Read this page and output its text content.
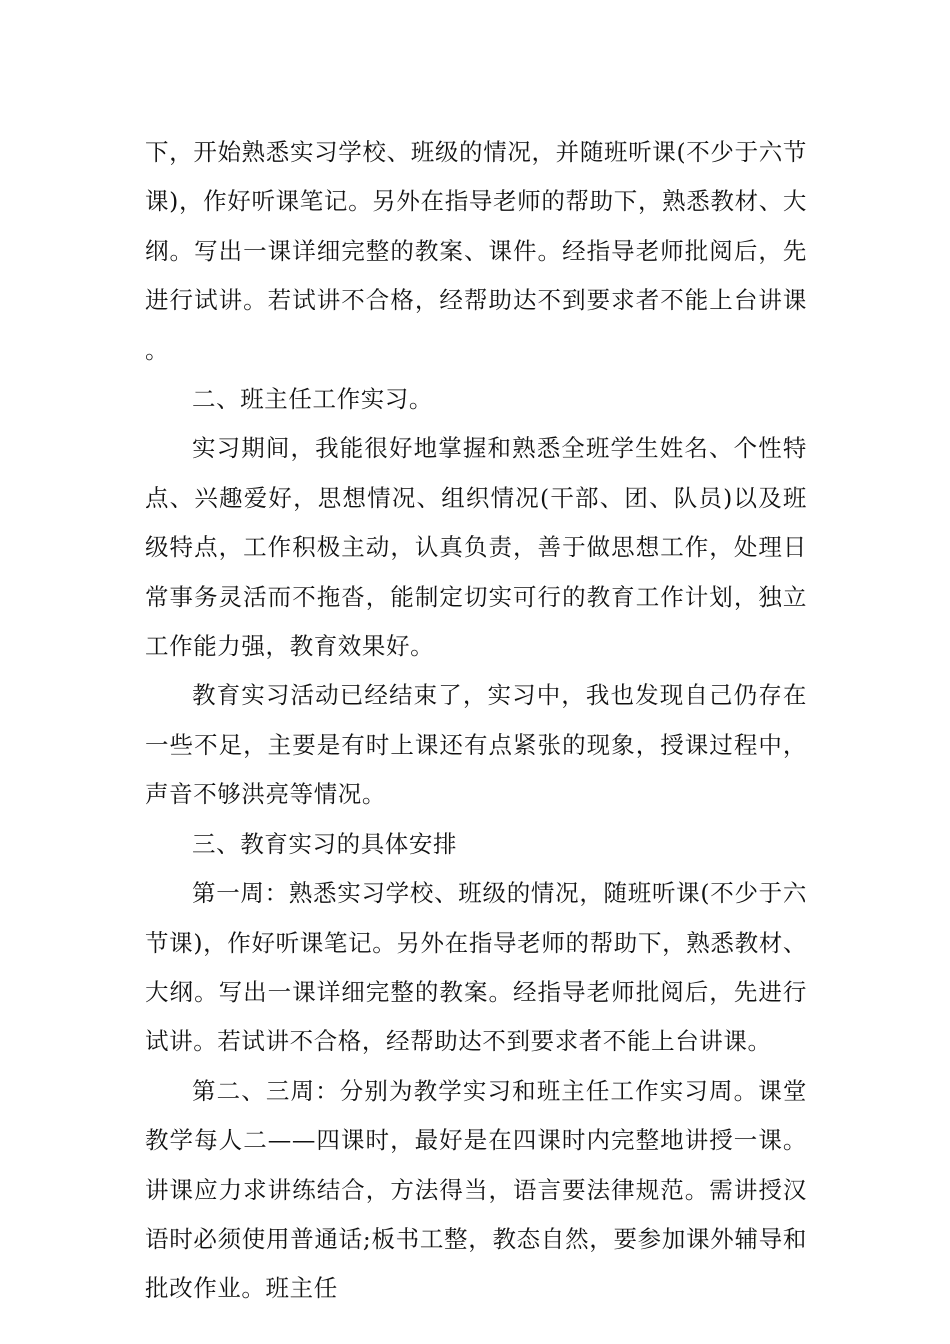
下，开始熟悉实习学校、班级的情况，并随班听课(不少于六节课)，作好听课笔记。另外在指导老师的帮助下，熟悉教材、大纲。写出一课详细完整的教案、课件。经指导老师批阅后，先进行试讲。若试讲不合格，经帮助达不到要求者不能上台讲课。

二、班主任工作实习。

实习期间，我能很好地掌握和熟悉全班学生姓名、个性特点、兴趣爱好，思想情况、组织情况(干部、团、队员)以及班级特点，工作积极主动，认真负责，善于做思想工作，处理日常事务灵活而不拖沓，能制定切实可行的教育工作计划，独立工作能力强，教育效果好。

教育实习活动已经结束了，实习中，我也发现自己仍存在一些不足，主要是有时上课还有点紧张的现象，授课过程中，声音不够洪亮等情况。

三、教育实习的具体安排

第一周：熟悉实习学校、班级的情况，随班听课(不少于六节课)，作好听课笔记。另外在指导老师的帮助下，熟悉教材、大纲。写出一课详细完整的教案。经指导老师批阅后，先进行试讲。若试讲不合格，经帮助达不到要求者不能上台讲课。

第二、三周：分别为教学实习和班主任工作实习周。课堂教学每人二——四课时，最好是在四课时内完整地讲授一课。讲课应力求讲练结合，方法得当，语言要法律规范。需讲授汉语时必须使用普通话;板书工整，教态自然，要参加课外辅导和批改作业。班主任
